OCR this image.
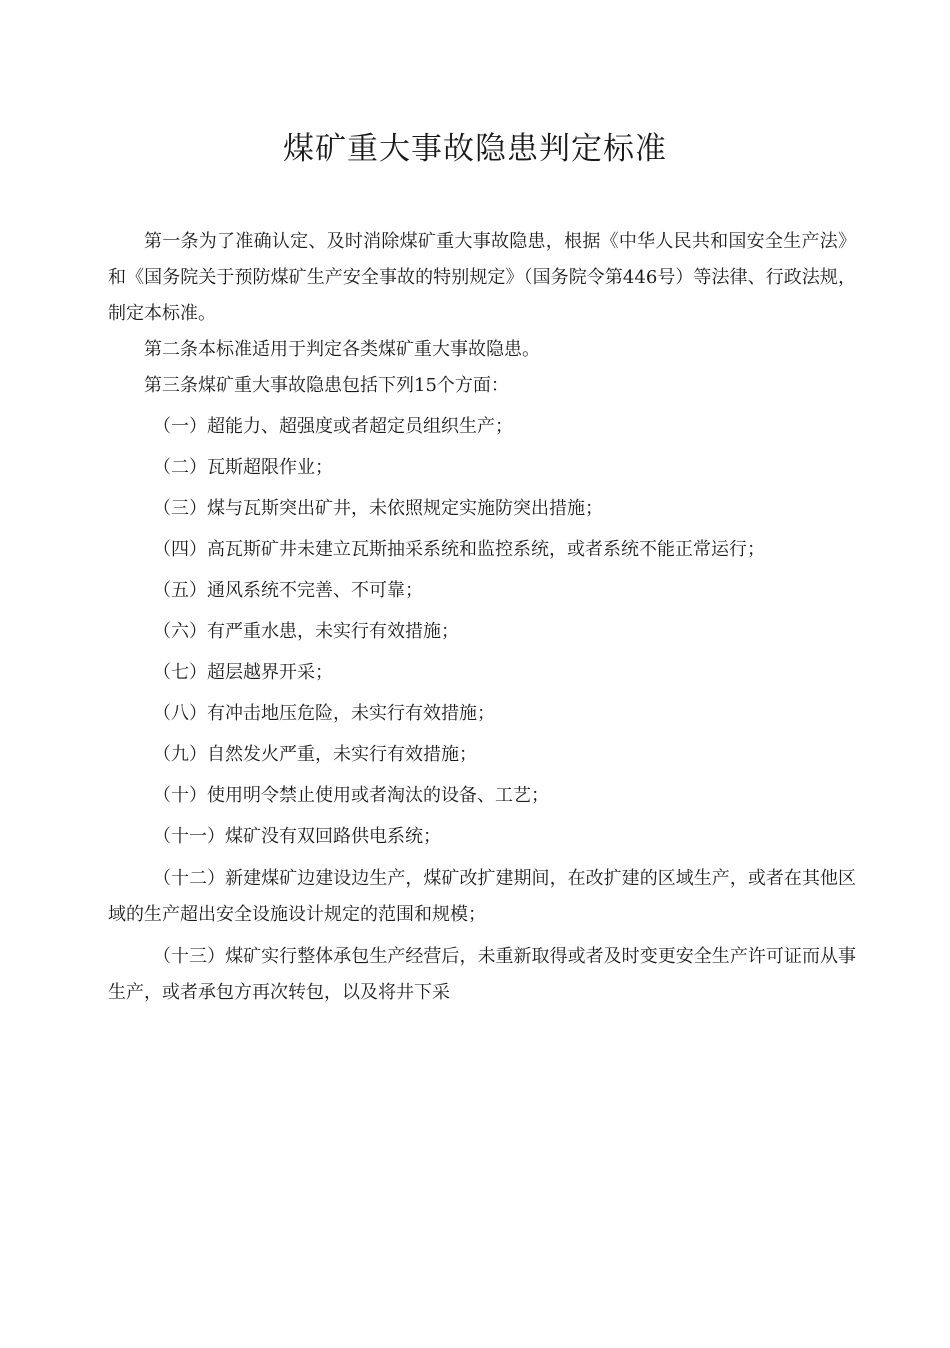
煤矿重大事故隐患判定标准

第一条为了准确认定、及时消除煤矿重大事故隐患，根据《中华人民共和国安全生产法》和《国务院关于预防煤矿生产安全事故的特别规定》（国务院令第446号）等法律、行政法规，制定本标准。

第二条本标准适用于判定各类煤矿重大事故隐患。

第三条煤矿重大事故隐患包括下列15个方面：

（一）超能力、超强度或者超定员组织生产；

（二）瓦斯超限作业；

（三）煤与瓦斯突出矿井，未依照规定实施防突出措施；

（四）高瓦斯矿井未建立瓦斯抽采系统和监控系统，或者系统不能正常运行；

（五）通风系统不完善、不可靠；

（六）有严重水患，未实行有效措施；

（七）超层越界开采；

（八）有冲击地压危险，未实行有效措施；

（九）自然发火严重，未实行有效措施；

（十）使用明令禁止使用或者淘汰的设备、工艺；

（十一）煤矿没有双回路供电系统；

（十二）新建煤矿边建设边生产，煤矿改扩建期间，在改扩建的区域生产，或者在其他区域的生产超出安全设施设计规定的范围和规模；

（十三）煤矿实行整体承包生产经营后，未重新取得或者及时变更安全生产许可证而从事生产，或者承包方再次转包，以及将井下采
